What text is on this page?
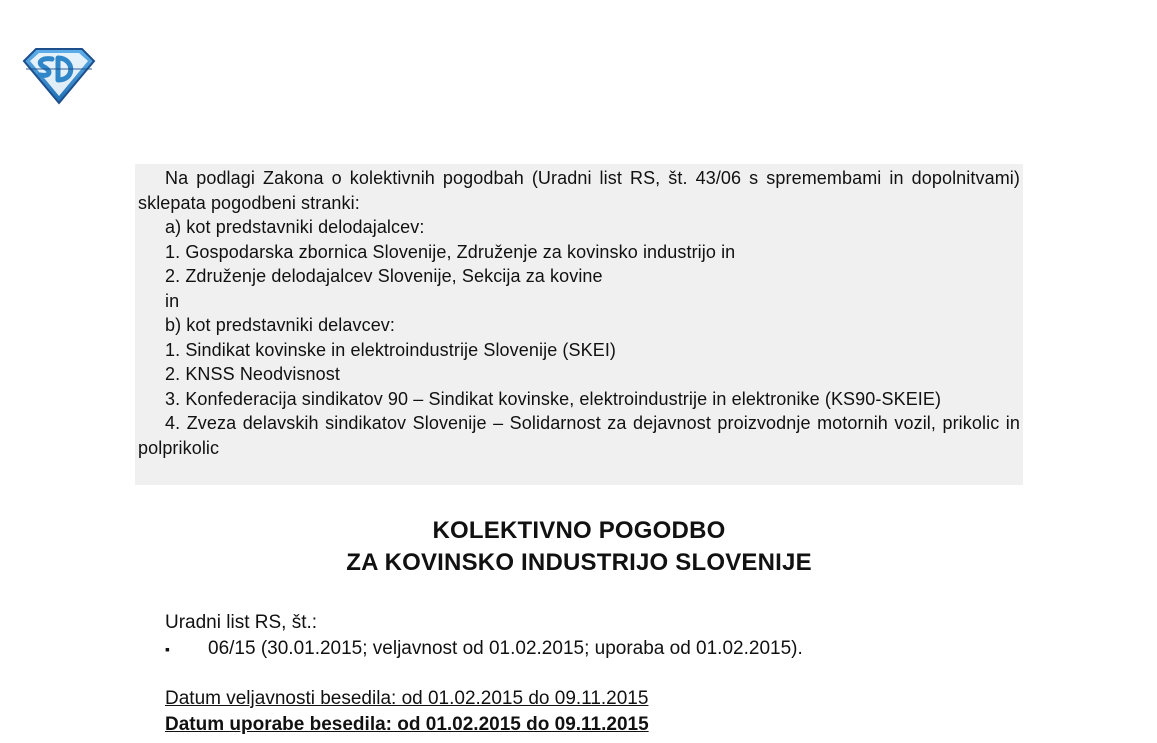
Na podlagi Zakona o kolektivnih pogodbah (Uradni list RS, št. 43/06 s spremembami in dopolnitvami) sklepata pogodbeni stranki:

a) kot predstavniki delodajalcev:

1. Gospodarska zbornica Slovenije, Združenje za kovinsko industrijo in

2. Združenje delodajalcev Slovenije, Sekcija za kovine

in

b) kot predstavniki delavcev:

1. Sindikat kovinske in elektroindustrije Slovenije (SKEI)

2. KNSS Neodvisnost

3. Konfederacija sindikatov 90 – Sindikat kovinske, elektroindustrije in elektronike (KS90-SKEIE)

4. Zveza delavskih sindikatov Slovenije – Solidarnost za dejavnost proizvodnje motornih vozil, prikolic in polprikolic

KOLEKTIVNO POGODBO
ZA KOVINSKO INDUSTRIJO SLOVENIJE
Uradni list RS, št.:
▪	06/15 (30.01.2015; veljavnost od 01.02.2015; uporaba od 01.02.2015).
Datum veljavnosti besedila: od 01.02.2015 do 09.11.2015
Datum uporabe besedila: od 01.02.2015 do 09.11.2015
